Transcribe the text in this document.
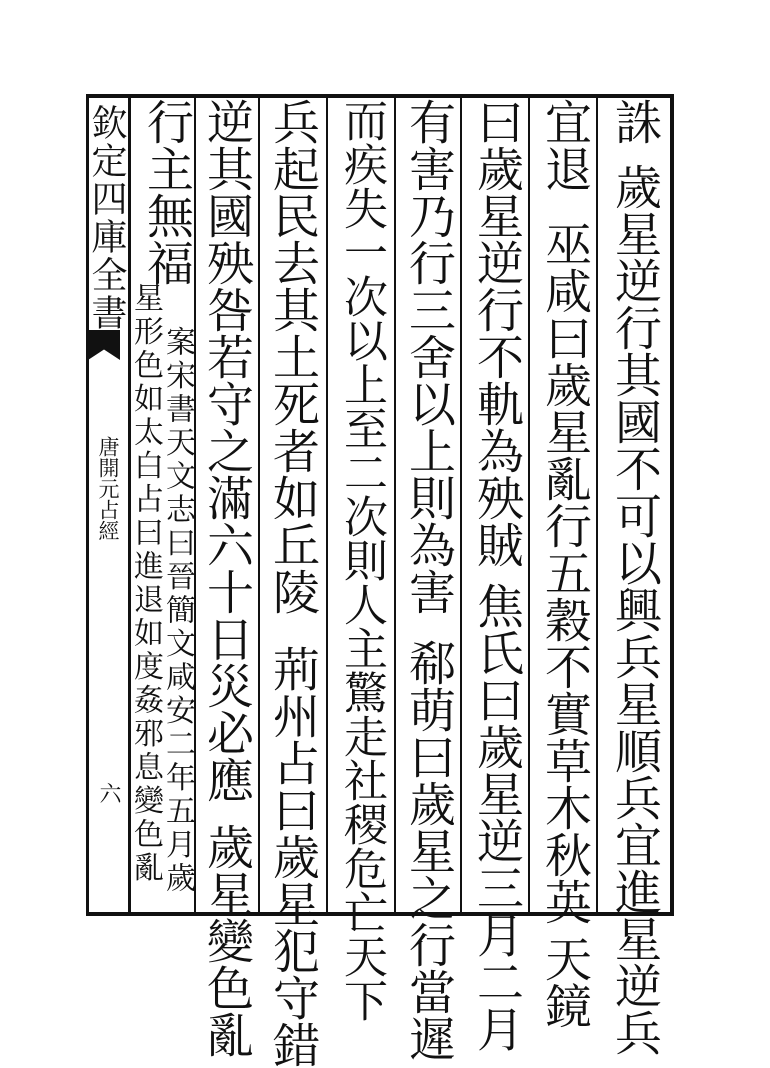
欽定四庫全書

唐開元占經

六

誅歲星逆行其國不可以興兵星順兵宜進星逆兵

宜退巫咸曰歲星亂行五穀不實草木秋英天鏡

曰歲星逆行不軌為殃賊焦氏曰歲星逆三月二月

有害乃行三舍以上則為害郗萌曰歲星之行當遲

而疾失一次以上至二次則人主驚走社稷危亡天下

兵起民去其土死者如丘陵荊州占曰歲星犯守錯

逆其國殃咎若守之滿六十日災必應歲星變色亂

行主無福

案宋書天文志曰晉簡文咸安二年五月歲

星形色如太白占曰進退如度姦邪息變色亂
